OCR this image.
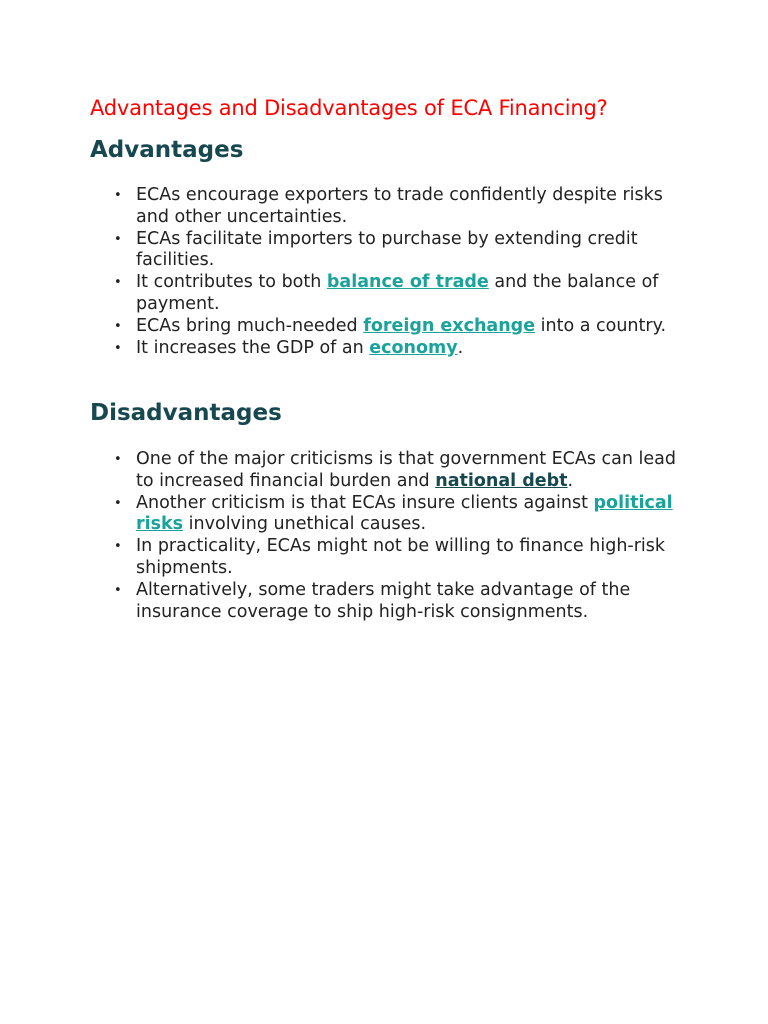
Advantages and Disadvantages of ECA Financing?
Advantages
• ECAs encourage exporters to trade confidently despite risks and other uncertainties.
• ECAs facilitate importers to purchase by extending credit facilities.
• It contributes to both balance of trade and the balance of payment.
• ECAs bring much-needed foreign exchange into a country.
• It increases the GDP of an economy.
Disadvantages
• One of the major criticisms is that government ECAs can lead to increased financial burden and national debt.
• Another criticism is that ECAs insure clients against political risks involving unethical causes.
• In practicality, ECAs might not be willing to finance high-risk shipments.
• Alternatively, some traders might take advantage of the insurance coverage to ship high-risk consignments.
